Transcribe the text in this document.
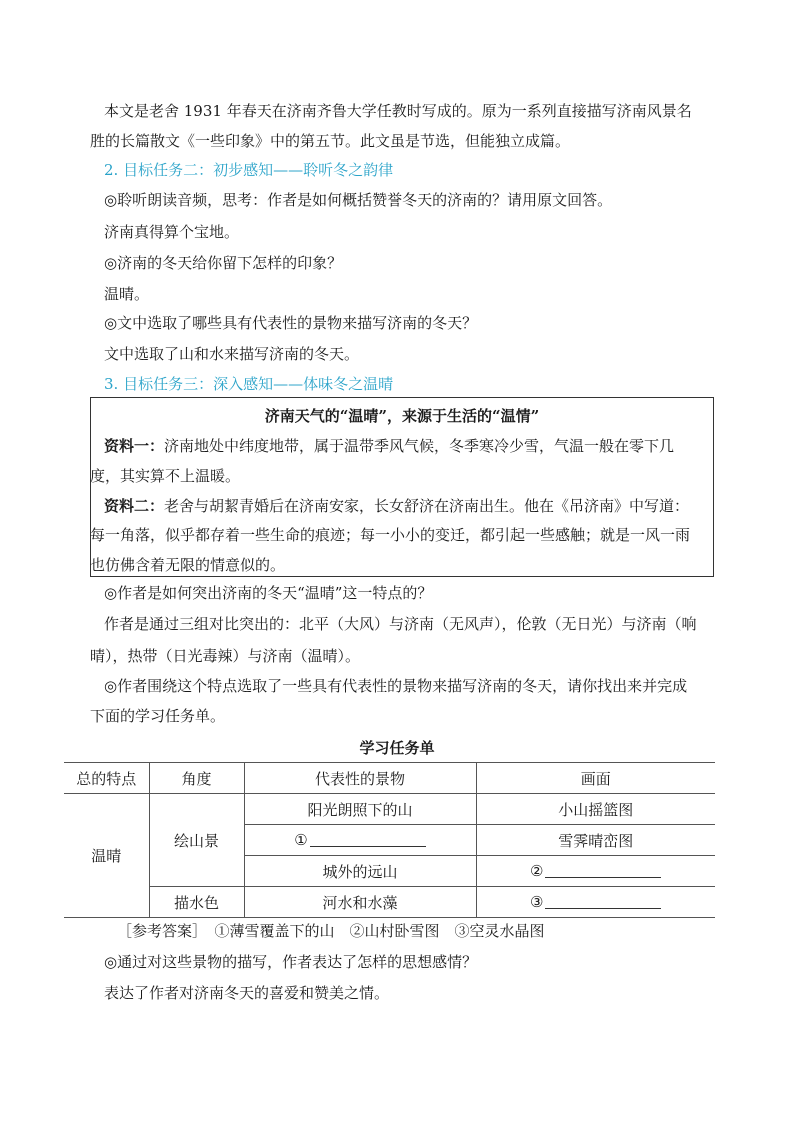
本文是老舍 1931 年春天在济南齐鲁大学任教时写成的。原为一系列直接描写济南风景名
胜的长篇散文《一些印象》中的第五节。此文虽是节选，但能独立成篇。
2. 目标任务二：初步感知——聆听冬之韵律
◎聆听朗读音频，思考：作者是如何概括赞誉冬天的济南的？请用原文回答。
济南真得算个宝地。
◎济南的冬天给你留下怎样的印象？
温晴。
◎文中选取了哪些具有代表性的景物来描写济南的冬天？
文中选取了山和水来描写济南的冬天。
3. 目标任务三：深入感知——体味冬之温晴
济南天气的“温晴”，来源于生活的“温情”
资料一：济南地处中纬度地带，属于温带季风气候，冬季寒冷少雪，气温一般在零下几
度，其实算不上温暖。
资料二：老舍与胡絜青婚后在济南安家，长女舒济在济南出生。他在《吊济南》中写道：
每一角落，似乎都存着一些生命的痕迹；每一小小的变迁，都引起一些感触；就是一风一雨
也仿佛含着无限的情意似的。
◎作者是如何突出济南的冬天“温晴”这一特点的？
作者是通过三组对比突出的：北平（大风）与济南（无风声），伦敦（无日光）与济南（响
晴），热带（日光毒辣）与济南（温晴）。
◎作者围绕这个特点选取了一些具有代表性的景物来描写济南的冬天，请你找出来并完成
下面的学习任务单。
学习任务单
总的特点	角度	代表性的景物	画面
温晴	绘山景	阳光朗照下的山	小山摇篮图
		①	雪霁晴峦图
		城外的远山	②
	描水色	河水和水藻	③
［参考答案］　①薄雪覆盖下的山　②山村卧雪图　③空灵水晶图
◎通过对这些景物的描写，作者表达了怎样的思想感情？
表达了作者对济南冬天的喜爱和赞美之情。
